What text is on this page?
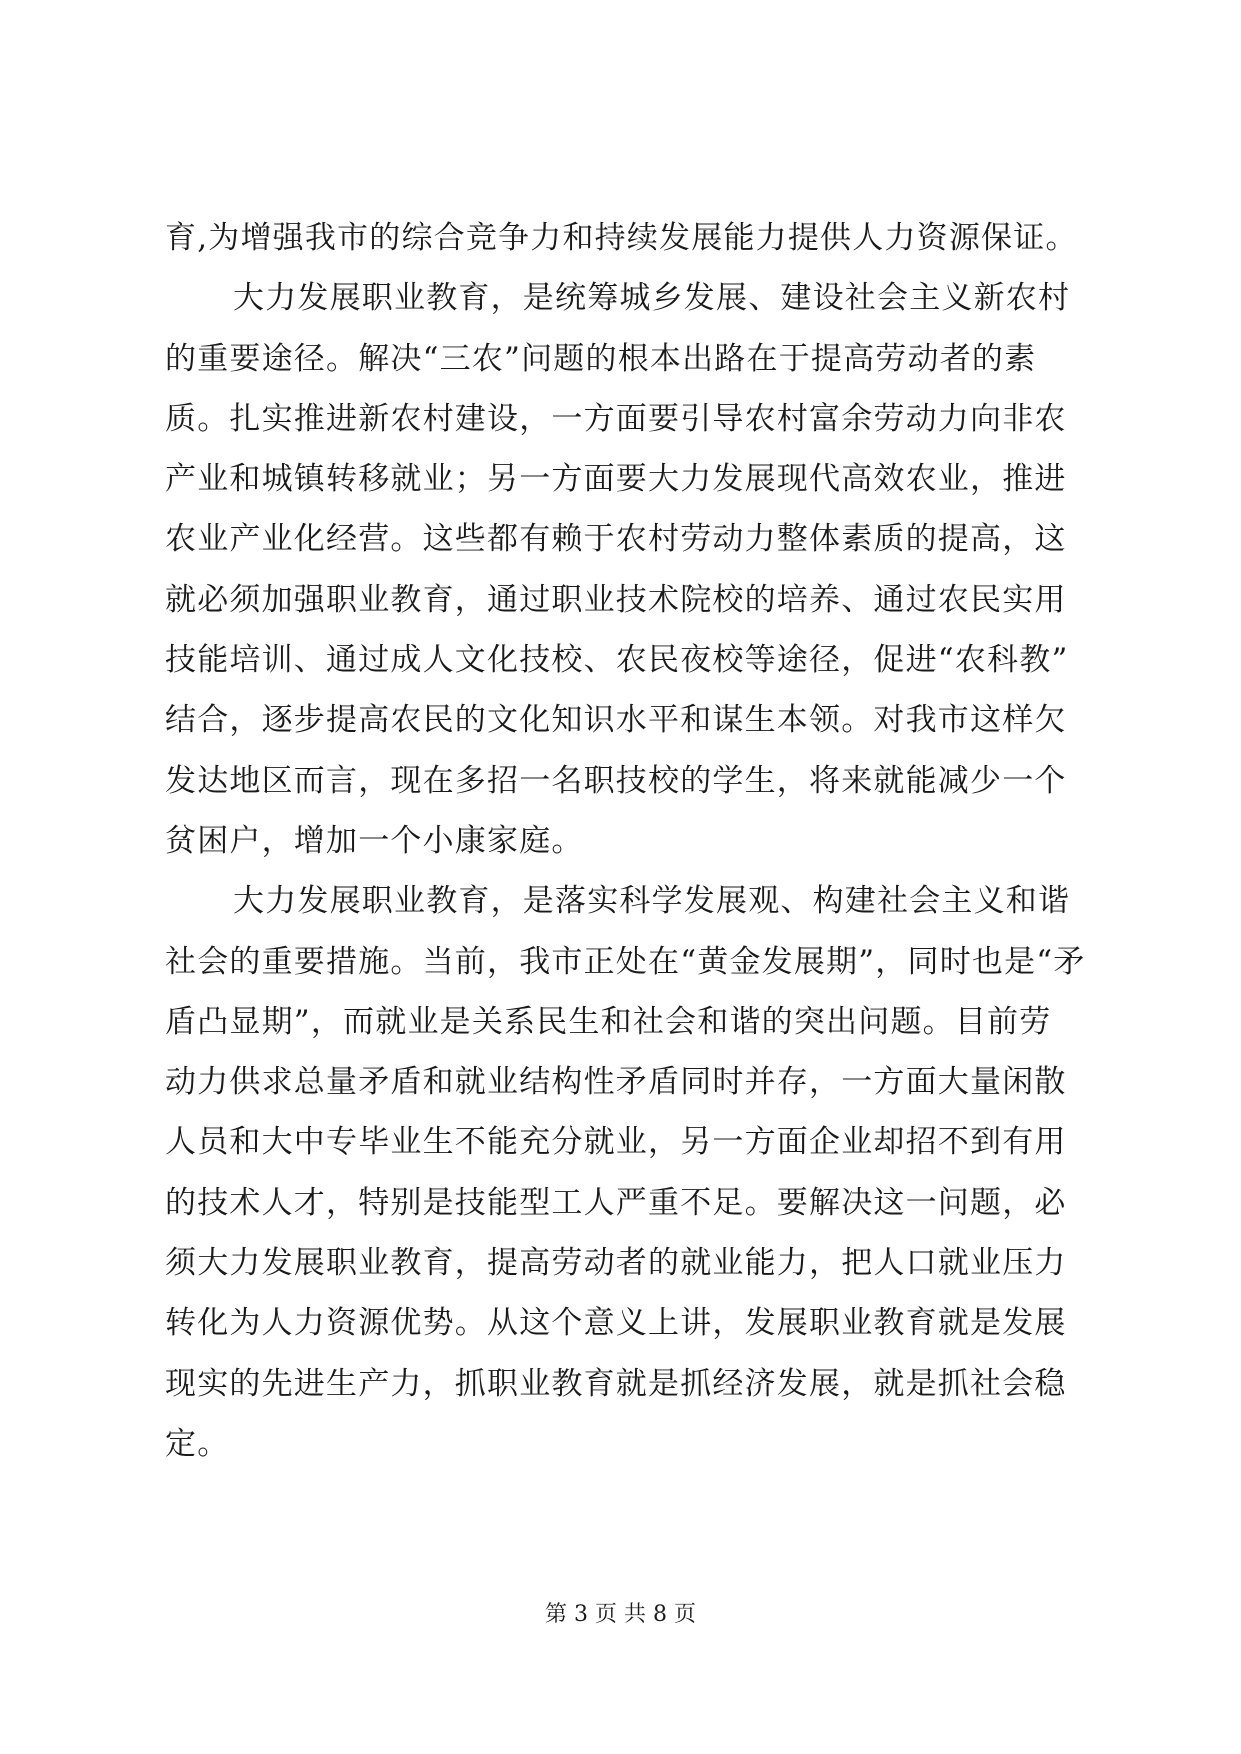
育,为增强我市的综合竞争力和持续发展能力提供人力资源保证。
大力发展职业教育，是统筹城乡发展、建设社会主义新农村
的重要途径。解决“三农”问题的根本出路在于提高劳动者的素
质。扎实推进新农村建设，一方面要引导农村富余劳动力向非农
产业和城镇转移就业；另一方面要大力发展现代高效农业，推进
农业产业化经营。这些都有赖于农村劳动力整体素质的提高，这
就必须加强职业教育，通过职业技术院校的培养、通过农民实用
技能培训、通过成人文化技校、农民夜校等途径，促进“农科教”
结合，逐步提高农民的文化知识水平和谋生本领。对我市这样欠
发达地区而言，现在多招一名职技校的学生，将来就能减少一个
贫困户，增加一个小康家庭。
大力发展职业教育，是落实科学发展观、构建社会主义和谐
社会的重要措施。当前，我市正处在“黄金发展期”，同时也是“矛
盾凸显期”，而就业是关系民生和社会和谐的突出问题。目前劳
动力供求总量矛盾和就业结构性矛盾同时并存，一方面大量闲散
人员和大中专毕业生不能充分就业，另一方面企业却招不到有用
的技术人才，特别是技能型工人严重不足。要解决这一问题，必
须大力发展职业教育，提高劳动者的就业能力，把人口就业压力
转化为人力资源优势。从这个意义上讲，发展职业教育就是发展
现实的先进生产力，抓职业教育就是抓经济发展，就是抓社会稳
定。
第 3 页 共 8 页
